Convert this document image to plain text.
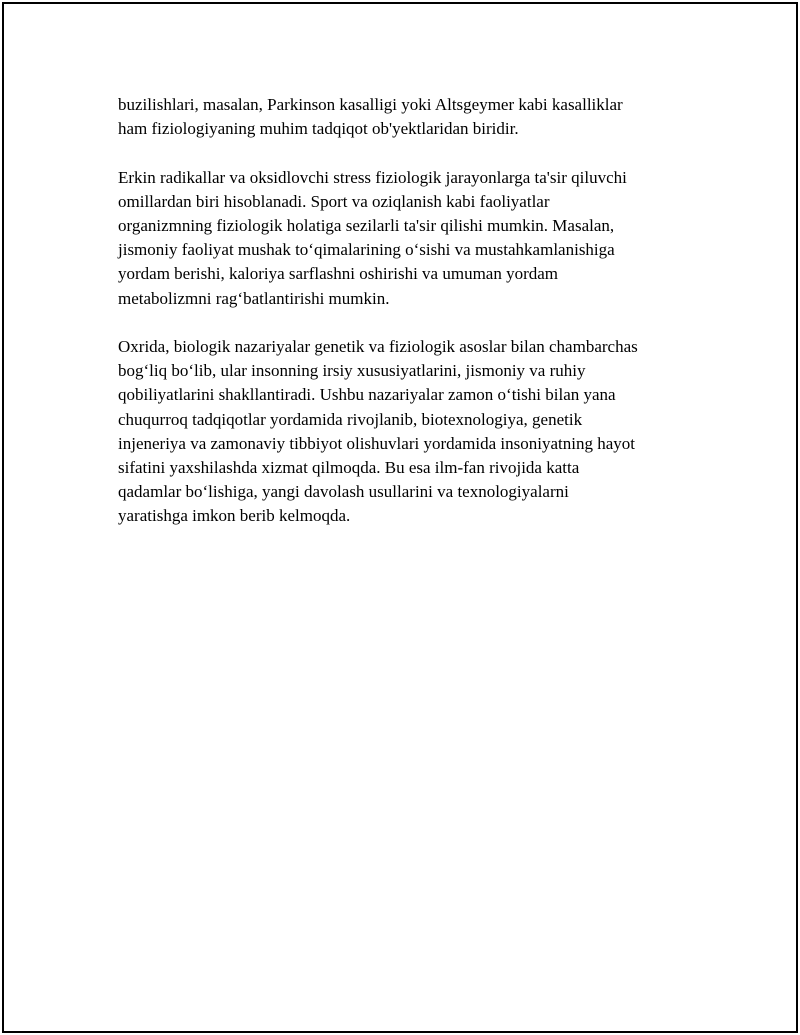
buzilishlari, masalan, Parkinson kasalligi yoki Altsgeymer kabi kasalliklar
ham fiziologiyaning muhim tadqiqot ob'yektlaridan biridir.

Erkin radikallar va oksidlovchi stress fiziologik jarayonlarga ta'sir qiluvchi
omillardan biri hisoblanadi. Sport va oziqlanish kabi faoliyatlar
organizmning fiziologik holatiga sezilarli ta'sir qilishi mumkin. Masalan,
jismoniy faoliyat mushak to‘qimalarining o‘sishi va mustahkamlanishiga
yordam berishi, kaloriya sarflashni oshirishi va umuman yordam
metabolizmni rag‘batlantirishi mumkin.

Oxrida, biologik nazariyalar genetik va fiziologik asoslar bilan chambarchas
bog‘liq bo‘lib, ular insonning irsiy xususiyatlarini, jismoniy va ruhiy
qobiliyatlarini shakllantiradi. Ushbu nazariyalar zamon o‘tishi bilan yana
chuqurroq tadqiqotlar yordamida rivojlanib, biotexnologiya, genetik
injeneriya va zamonaviy tibbiyot olishuvlari yordamida insoniyatning hayot
sifatini yaxshilashda xizmat qilmoqda. Bu esa ilm-fan rivojida katta
qadamlar bo‘lishiga, yangi davolash usullarini va texnologiyalarni
yaratishga imkon berib kelmoqda.
